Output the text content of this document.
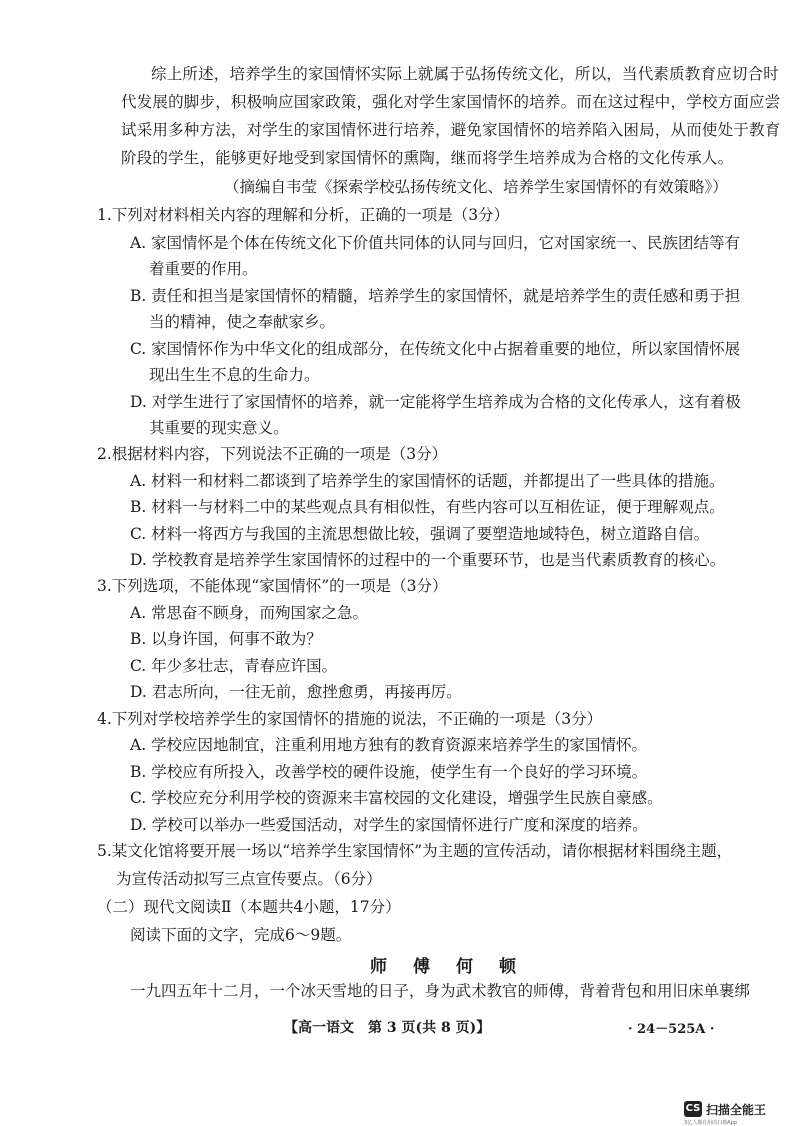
综上所述，培养学生的家国情怀实际上就属于弘扬传统文化，所以，当代素质教育应切合时
代发展的脚步，积极响应国家政策，强化对学生家国情怀的培养。而在这过程中，学校方面应尝
试采用多种方法，对学生的家国情怀进行培养，避免家国情怀的培养陷入困局，从而使处于教育
阶段的学生，能够更好地受到家国情怀的熏陶，继而将学生培养成为合格的文化传承人。
（摘编自韦莹《探索学校弘扬传统文化、培养学生家国情怀的有效策略》）
1.下列对材料相关内容的理解和分析，正确的一项是（3分）
A. 家国情怀是个体在传统文化下价值共同体的认同与回归，它对国家统一、民族团结等有
着重要的作用。
B. 责任和担当是家国情怀的精髓，培养学生的家国情怀，就是培养学生的责任感和勇于担
当的精神，使之奉献家乡。
C. 家国情怀作为中华文化的组成部分，在传统文化中占据着重要的地位，所以家国情怀展
现出生生不息的生命力。
D. 对学生进行了家国情怀的培养，就一定能将学生培养成为合格的文化传承人，这有着极
其重要的现实意义。
2.根据材料内容，下列说法不正确的一项是（3分）
A. 材料一和材料二都谈到了培养学生的家国情怀的话题，并都提出了一些具体的措施。
B. 材料一与材料二中的某些观点具有相似性，有些内容可以互相佐证，便于理解观点。
C. 材料一将西方与我国的主流思想做比较，强调了要塑造地域特色，树立道路自信。
D. 学校教育是培养学生家国情怀的过程中的一个重要环节，也是当代素质教育的核心。
3.下列选项，不能体现“家国情怀”的一项是（3分）
A. 常思奋不顾身，而殉国家之急。
B. 以身许国，何事不敢为？
C. 年少多壮志，青春应许国。
D. 君志所向，一往无前，愈挫愈勇，再接再厉。
4.下列对学校培养学生的家国情怀的措施的说法，不正确的一项是（3分）
A. 学校应因地制宜，注重利用地方独有的教育资源来培养学生的家国情怀。
B. 学校应有所投入，改善学校的硬件设施，使学生有一个良好的学习环境。
C. 学校应充分利用学校的资源来丰富校园的文化建设，增强学生民族自豪感。
D. 学校可以举办一些爱国活动，对学生的家国情怀进行广度和深度的培养。
5.某文化馆将要开展一场以“培养学生家国情怀”为主题的宣传活动，请你根据材料围绕主题，
为宣传活动拟写三点宣传要点。（6分）
（二）现代文阅读Ⅱ（本题共4小题，17分）
阅读下面的文字，完成6～9题。
师傅何顿
一九四五年十二月，一个冰天雪地的日子，身为武术教官的师傅，背着背包和用旧床单裹绑
【高一语文　第 3 页(共 8 页)】	· 24－525A ·
CS 扫描全能王
3亿人都在用的扫描App
